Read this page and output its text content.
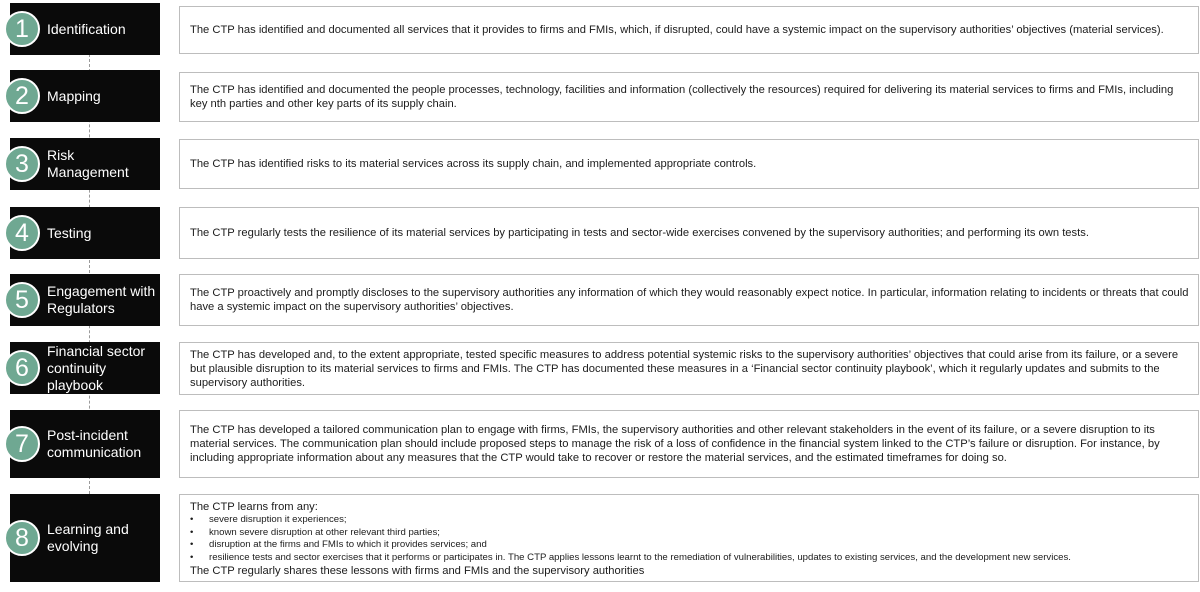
Identification
1	The CTP has identified and documented all services that it provides to firms and FMIs, which, if disrupted, could have a systemic impact on the supervisory authorities’ objectives (material services).

Mapping
2	The CTP has identified and documented the people processes, technology, facilities and information (collectively the resources) required for delivering its material services to firms and FMIs, including key nth parties and other key parts of its supply chain.

Risk Management
3	The CTP has identified risks to its material services across its supply chain, and implemented appropriate controls.

Testing
4	The CTP regularly tests the resilience of its material services by participating in tests and sector-wide exercises convened by the supervisory authorities; and performing its own tests.

Engagement with Regulators
5	The CTP proactively and promptly discloses to the supervisory authorities any information of which they would reasonably expect notice. In particular, information relating to incidents or threats that could have a systemic impact on the supervisory authorities’ objectives.

Financial sector continuity playbook
6	The CTP has developed and, to the extent appropriate, tested specific measures to address potential systemic risks to the supervisory authorities’ objectives that could arise from its failure, or a severe but plausible disruption to its material services to firms and FMIs. The CTP has documented these measures in a ‘Financial sector continuity playbook’, which it regularly updates and submits to the supervisory authorities.

Post-incident communication
7	The CTP has developed a tailored communication plan to engage with firms, FMIs, the supervisory authorities and other relevant stakeholders in the event of its failure, or a severe disruption to its material services. The communication plan should include proposed steps to manage the risk of a loss of confidence in the financial system linked to the CTP’s failure or disruption. For instance, by including appropriate information about any measures that the CTP would take to recover or restore the material services, and the estimated timeframes for doing so.

Learning and evolving
8
The CTP learns from any:
• severe disruption it experiences;
• known severe disruption at other relevant third parties;
• disruption at the firms and FMIs to which it provides services; and
• resilience tests and sector exercises that it performs or participates in. The CTP applies lessons learnt to the remediation of vulnerabilities, updates to existing services, and the development new services.
The CTP regularly shares these lessons with firms and FMIs and the supervisory authorities
